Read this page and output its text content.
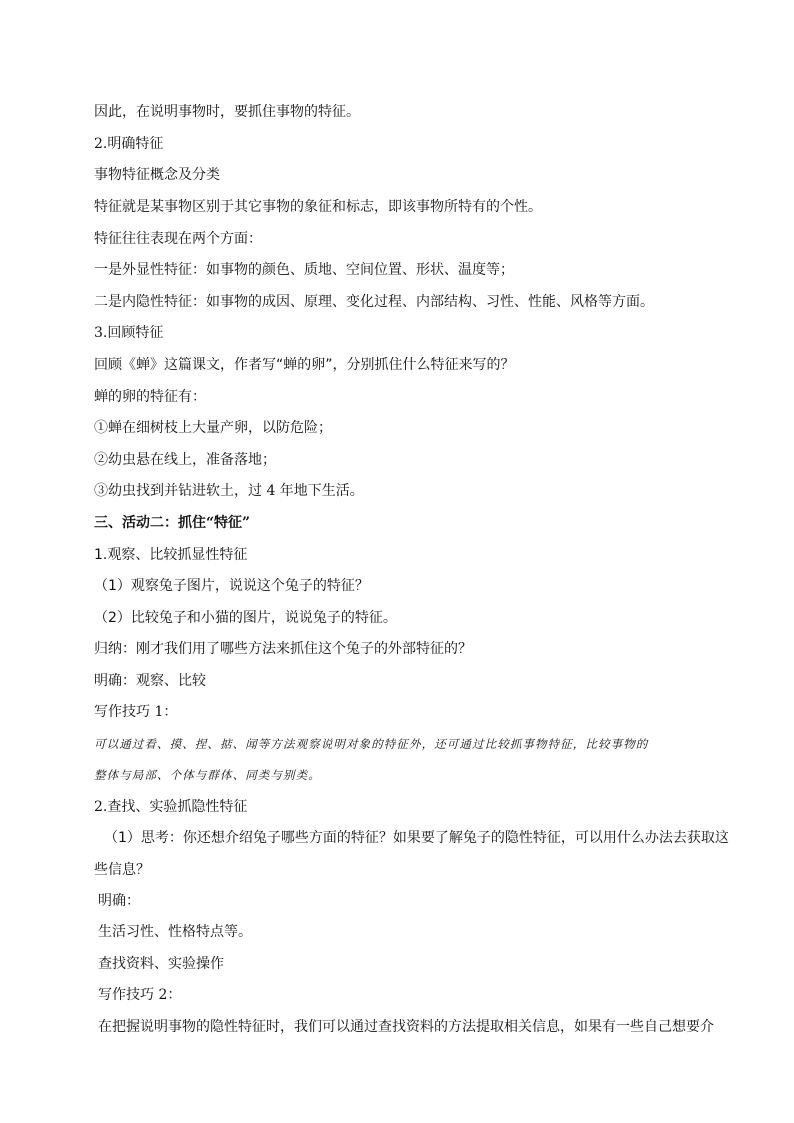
因此，在说明事物时，要抓住事物的特征。
2.明确特征
事物特征概念及分类
特征就是某事物区别于其它事物的象征和标志，即该事物所特有的个性。
特征往往表现在两个方面：
一是外显性特征：如事物的颜色、质地、空间位置、形状、温度等；
二是内隐性特征：如事物的成因、原理、变化过程、内部结构、习性、性能、风格等方面。
3.回顾特征
回顾《蝉》这篇课文，作者写“蝉的卵”，分别抓住什么特征来写的？
蝉的卵的特征有：
①蝉在细树枝上大量产卵，以防危险；
②幼虫悬在线上，准备落地；
③幼虫找到并钻进软土，过 4 年地下生活。
三、活动二：抓住“特征”
1.观察、比较抓显性特征
（1）观察兔子图片，说说这个兔子的特征？
（2）比较兔子和小猫的图片，说说兔子的特征。
归纳：刚才我们用了哪些方法来抓住这个兔子的外部特征的？
明确：观察、比较
写作技巧 1：
可以通过看、摸、捏、掂、闻等方法观察说明对象的特征外，还可通过比较抓事物特征，比较事物的
整体与局部、个体与群体、同类与别类。
2.查找、实验抓隐性特征
（1）思考：你还想介绍兔子哪些方面的特征？如果要了解兔子的隐性特征，可以用什么办法去获取这
些信息？
明确：
生活习性、性格特点等。
查找资料、实验操作
写作技巧 2：
在把握说明事物的隐性特征时，我们可以通过查找资料的方法提取相关信息，如果有一些自己想要介
